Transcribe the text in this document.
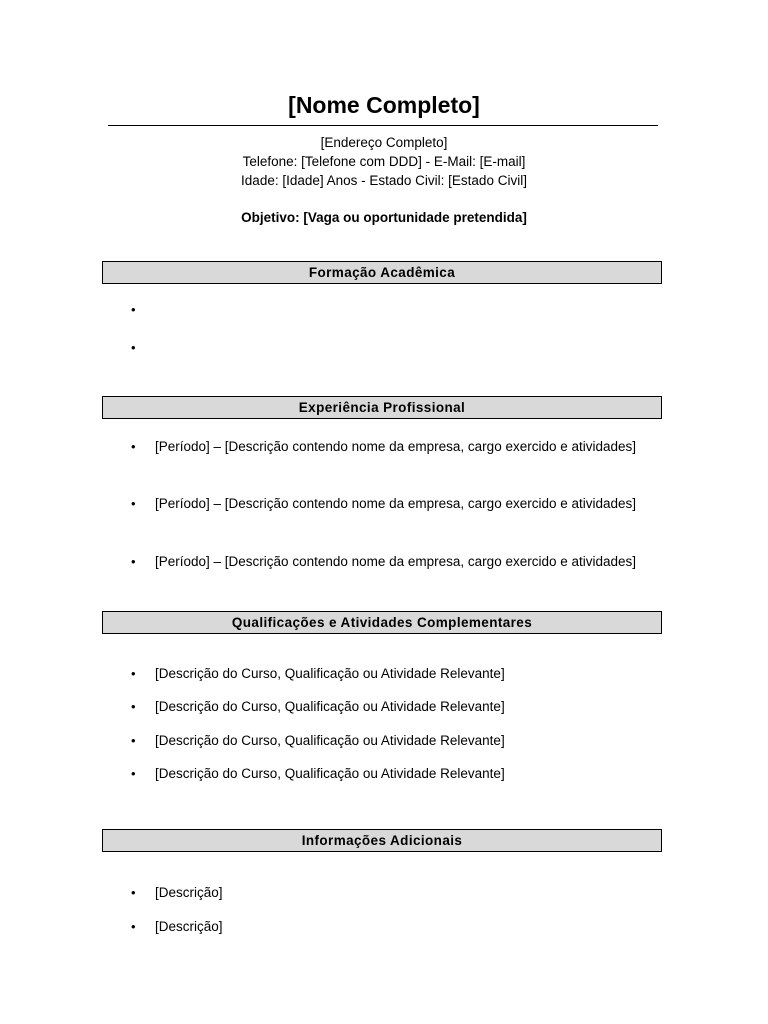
[Nome Completo]
[Endereço Completo]
Telefone: [Telefone com DDD] - E-Mail: [E-mail]
Idade: [Idade] Anos - Estado Civil: [Estado Civil]
Objetivo: [Vaga ou oportunidade pretendida]
Formação Acadêmica
•
•
Experiência Profissional
• [Período] – [Descrição contendo nome da empresa, cargo exercido e atividades]
• [Período] – [Descrição contendo nome da empresa, cargo exercido e atividades]
• [Período] – [Descrição contendo nome da empresa, cargo exercido e atividades]
Qualificações e Atividades Complementares
• [Descrição do Curso, Qualificação ou Atividade Relevante]
• [Descrição do Curso, Qualificação ou Atividade Relevante]
• [Descrição do Curso, Qualificação ou Atividade Relevante]
• [Descrição do Curso, Qualificação ou Atividade Relevante]
Informações Adicionais
• [Descrição]
• [Descrição]
